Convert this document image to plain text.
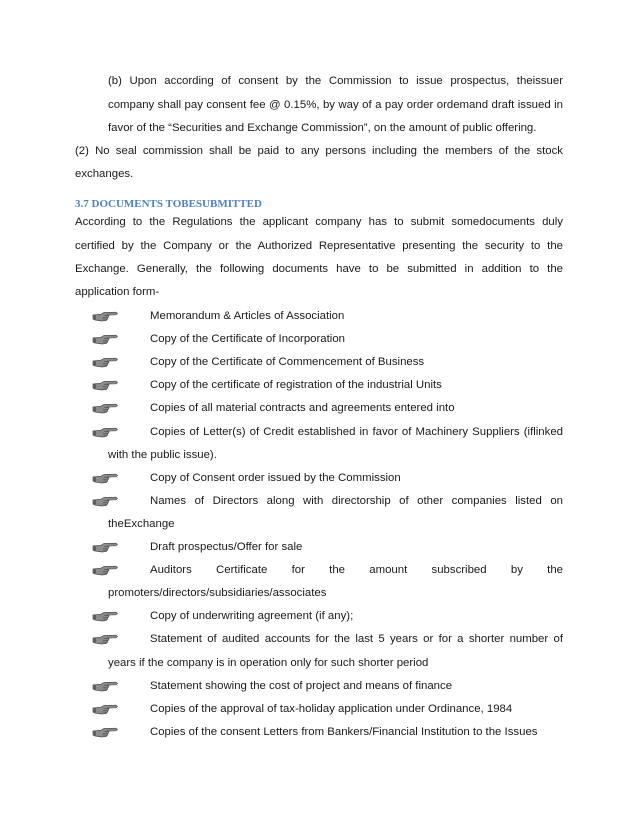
(b) Upon according of consent by the Commission to issue prospectus, theissuer
company shall pay consent fee @ 0.15%, by way of a pay order ordemand draft issued in
favor of the “Securities and Exchange Commission”, on the amount of public offering.
(2) No seal commission shall be paid to any persons including the members of the stock
exchanges.
3.7 DOCUMENTS TOBESUBMITTED
According to the Regulations the applicant company has to submit somedocuments duly
certified by the Company or the Authorized Representative presenting the security to the
Exchange. Generally, the following documents have to be submitted in addition to the
application form-
Memorandum & Articles of Association
Copy of the Certificate of Incorporation
Copy of the Certificate of Commencement of Business
Copy of the certificate of registration of the industrial Units
Copies of all material contracts and agreements entered into
Copies of Letter(s) of Credit established in favor of Machinery Suppliers (iflinked
with the public issue).
Copy of Consent order issued by the Commission
Names of Directors along with directorship of other companies listed on
theExchange
Draft prospectus/Offer for sale
Auditors Certificate for the amount subscribed by the
promoters/directors/subsidiaries/associates
Copy of underwriting agreement (if any);
Statement of audited accounts for the last 5 years or for a shorter number of
years if the company is in operation only for such shorter period
Statement showing the cost of project and means of finance
Copies of the approval of tax-holiday application under Ordinance, 1984
Copies of the consent Letters from Bankers/Financial Institution to the Issues
